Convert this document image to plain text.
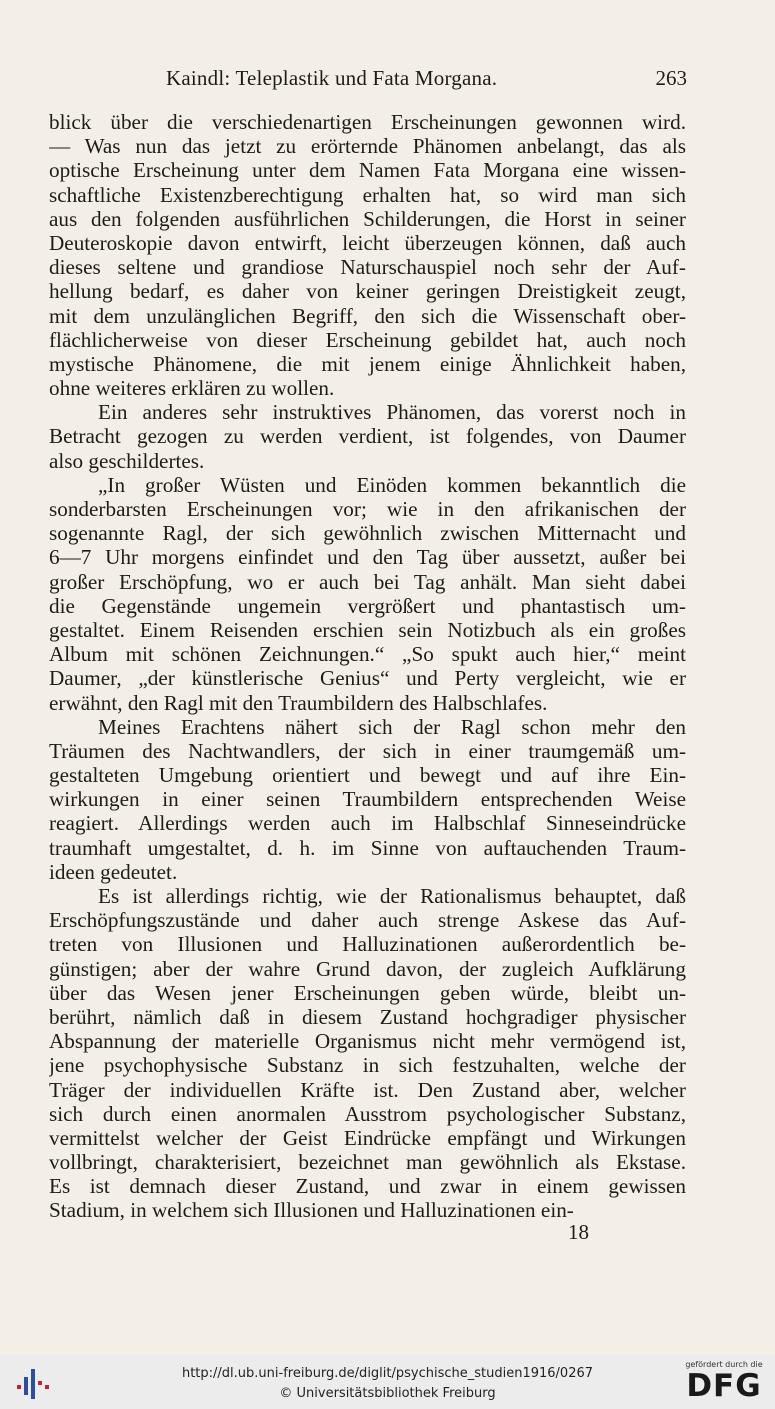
Kaindl: Teleplastik und Fata Morgana.	263
blick über die verschiedenartigen Erscheinungen gewonnen wird.
— Was nun das jetzt zu erörternde Phänomen anbelangt, das als
optische Erscheinung unter dem Namen Fata Morgana eine wissen-
schaftliche Existenzberechtigung erhalten hat, so wird man sich
aus den folgenden ausführlichen Schilderungen, die Horst in seiner
Deuteroskopie davon entwirft, leicht überzeugen können, daß auch
dieses seltene und grandiose Naturschauspiel noch sehr der Auf-
hellung bedarf, es daher von keiner geringen Dreistigkeit zeugt,
mit dem unzulänglichen Begriff, den sich die Wissenschaft ober-
flächlicherweise von dieser Erscheinung gebildet hat, auch noch
mystische Phänomene, die mit jenem einige Ähnlichkeit haben,
ohne weiteres erklären zu wollen.
Ein anderes sehr instruktives Phänomen, das vorerst noch in
Betracht gezogen zu werden verdient, ist folgendes, von Daumer
also geschildertes.
„In großer Wüsten und Einöden kommen bekanntlich die
sonderbarsten Erscheinungen vor; wie in den afrikanischen der
sogenannte Ragl, der sich gewöhnlich zwischen Mitternacht und
6—7 Uhr morgens einfindet und den Tag über aussetzt, außer bei
großer Erschöpfung, wo er auch bei Tag anhält. Man sieht dabei
die Gegenstände ungemein vergrößert und phantastisch um-
gestaltet. Einem Reisenden erschien sein Notizbuch als ein großes
Album mit schönen Zeichnungen.“ „So spukt auch hier,“ meint
Daumer, „der künstlerische Genius“ und Perty vergleicht, wie er
erwähnt, den Ragl mit den Traumbildern des Halbschlafes.
Meines Erachtens nähert sich der Ragl schon mehr den
Träumen des Nachtwandlers, der sich in einer traumgemäß um-
gestalteten Umgebung orientiert und bewegt und auf ihre Ein-
wirkungen in einer seinen Traumbildern entsprechenden Weise
reagiert. Allerdings werden auch im Halbschlaf Sinneseindrücke
traumhaft umgestaltet, d. h. im Sinne von auftauchenden Traum-
ideen gedeutet.
Es ist allerdings richtig, wie der Rationalismus behauptet, daß
Erschöpfungszustände und daher auch strenge Askese das Auf-
treten von Illusionen und Halluzinationen außerordentlich be-
günstigen; aber der wahre Grund davon, der zugleich Aufklärung
über das Wesen jener Erscheinungen geben würde, bleibt un-
berührt, nämlich daß in diesem Zustand hochgradiger physischer
Abspannung der materielle Organismus nicht mehr vermögend ist,
jene psychophysische Substanz in sich festzuhalten, welche der
Träger der individuellen Kräfte ist. Den Zustand aber, welcher
sich durch einen anormalen Ausstrom psychologischer Substanz,
vermittelst welcher der Geist Eindrücke empfängt und Wirkungen
vollbringt, charakterisiert, bezeichnet man gewöhnlich als Ekstase.
Es ist demnach dieser Zustand, und zwar in einem gewissen
Stadium, in welchem sich Illusionen und Halluzinationen ein-
18
http://dl.ub.uni-freiburg.de/diglit/psychische_studien1916/0267
© Universitätsbibliothek Freiburg
gefördert durch die
DFG
